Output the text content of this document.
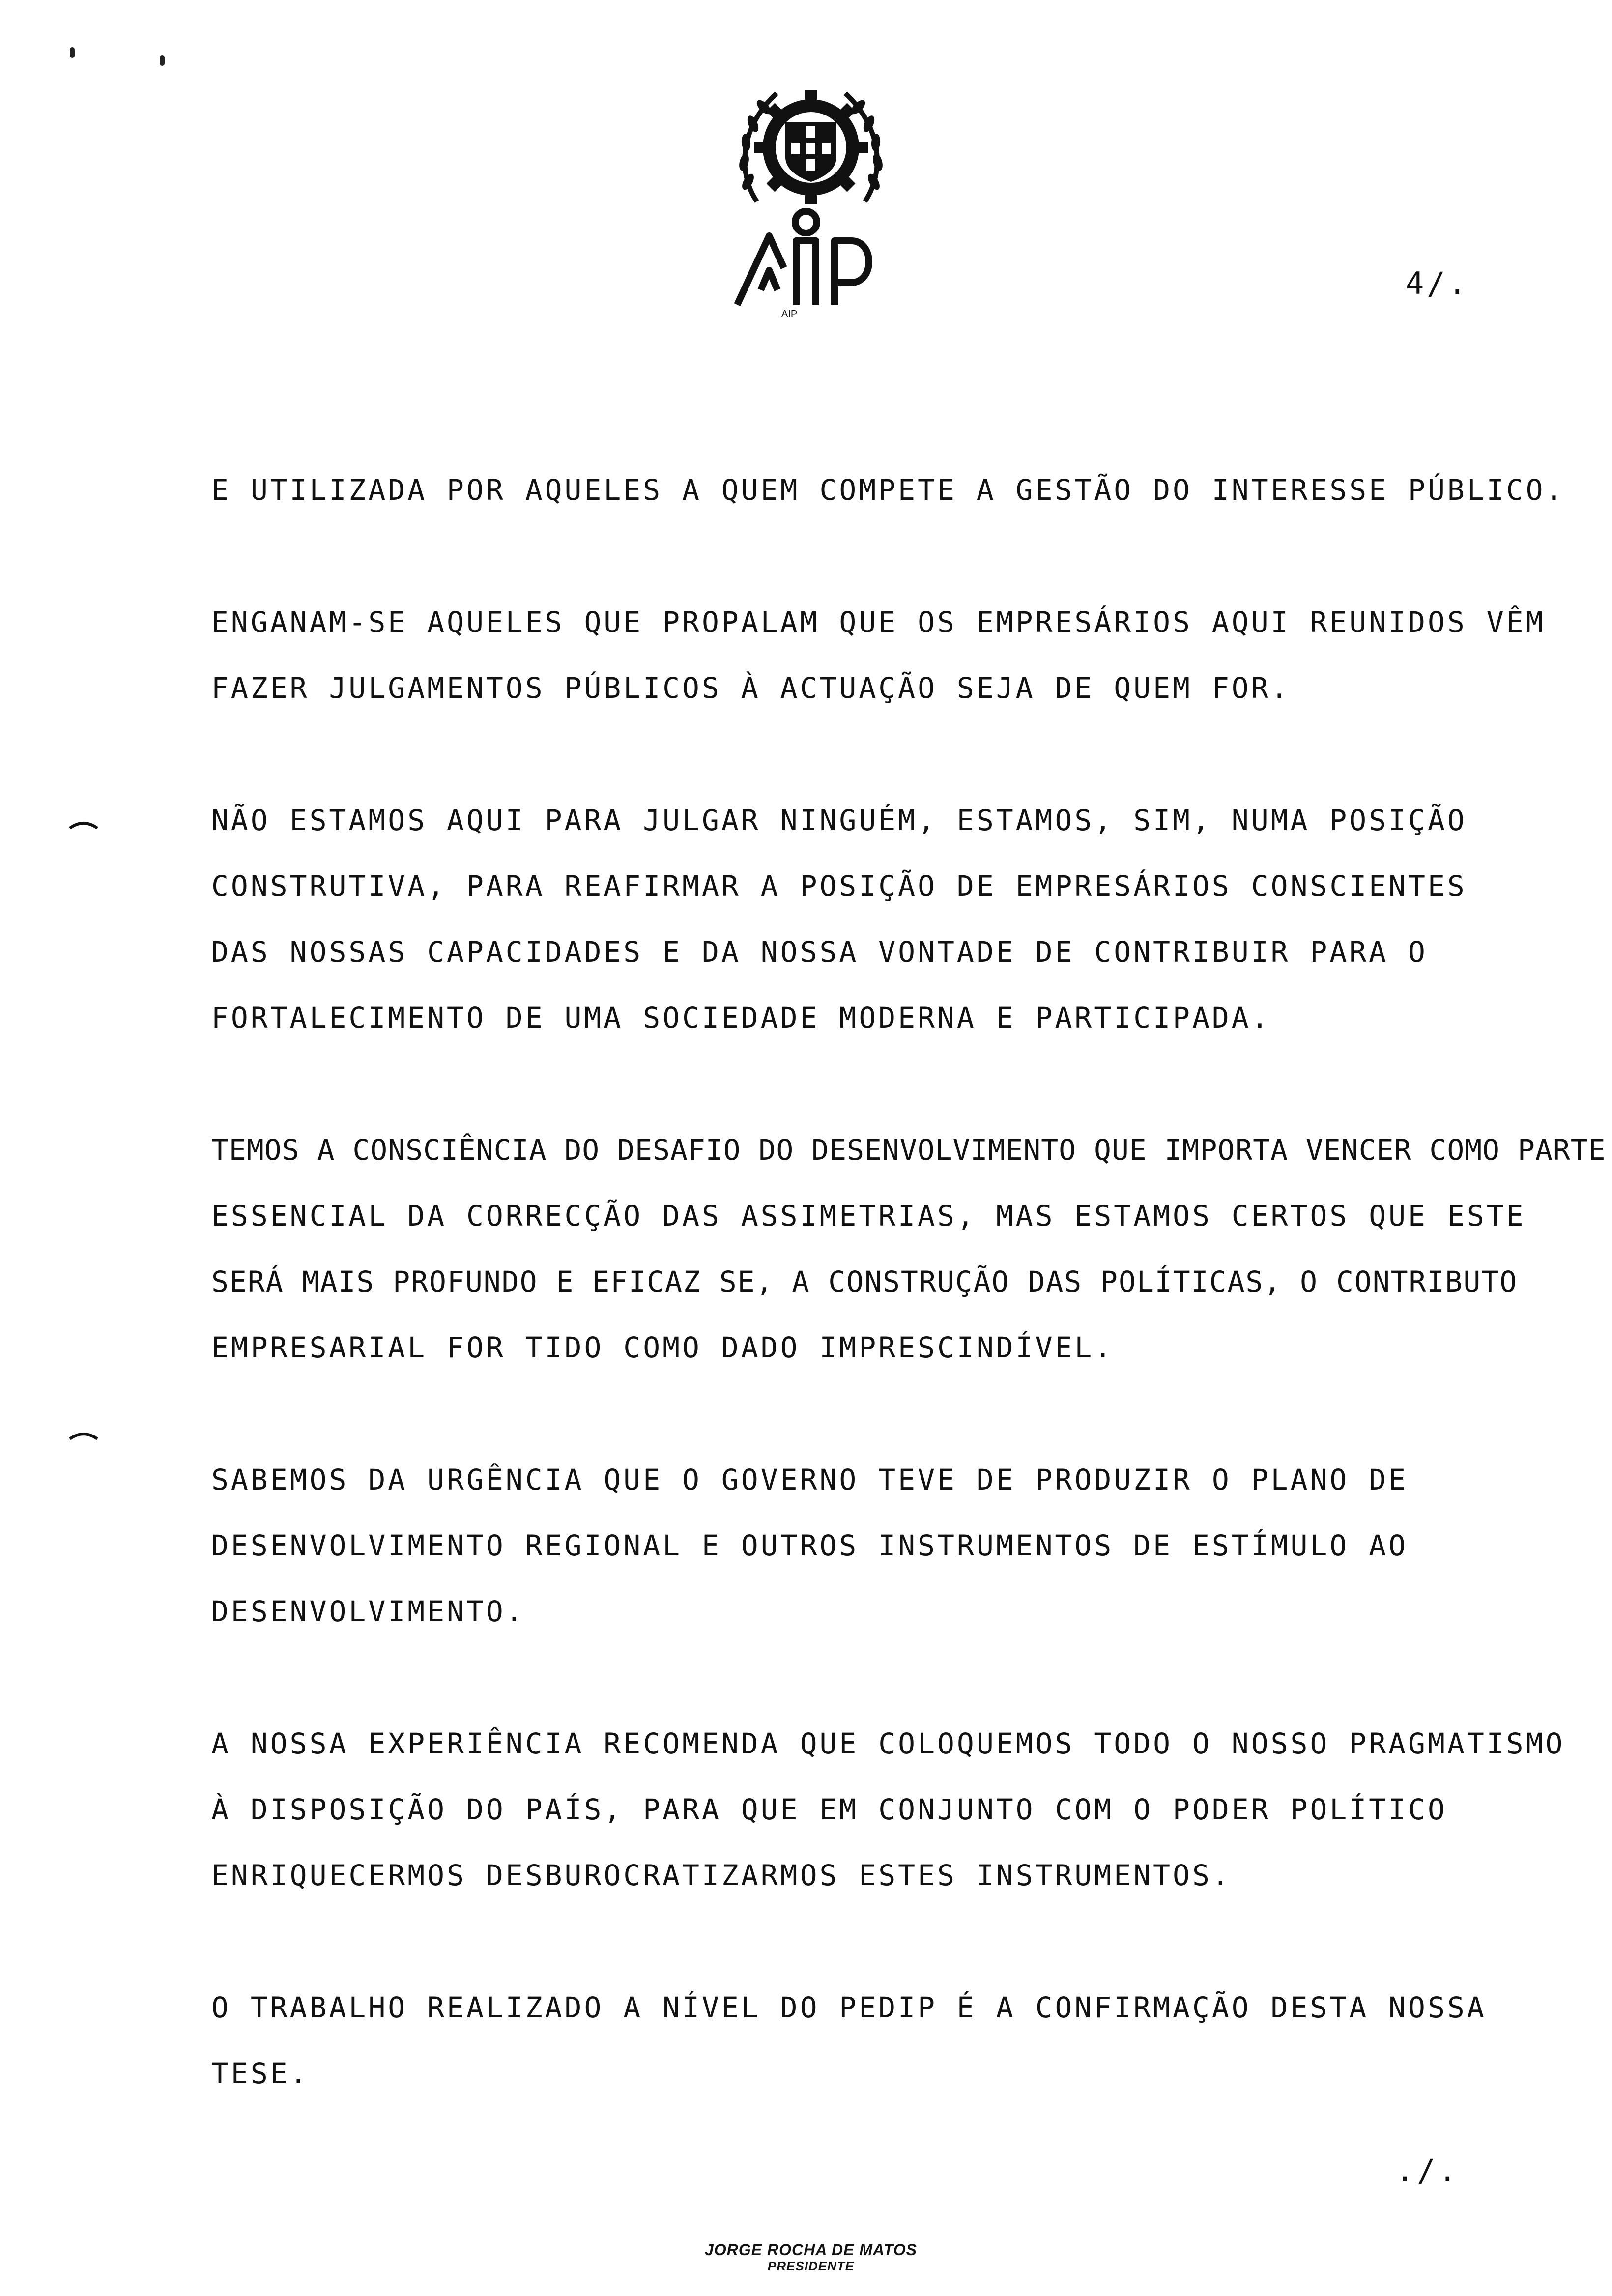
AIP
4/.
E UTILIZADA POR AQUELES A QUEM COMPETE A GESTÃO DO INTERESSE PÚBLICO.
ENGANAM-SE AQUELES QUE PROPALAM QUE OS EMPRESÁRIOS AQUI REUNIDOS VÊM
FAZER JULGAMENTOS PÚBLICOS À ACTUAÇÃO SEJA DE QUEM FOR.
NÃO ESTAMOS AQUI PARA JULGAR NINGUÉM, ESTAMOS, SIM, NUMA POSIÇÃO
CONSTRUTIVA, PARA REAFIRMAR A POSIÇÃO DE EMPRESÁRIOS CONSCIENTES
DAS NOSSAS CAPACIDADES E DA NOSSA VONTADE DE CONTRIBUIR PARA O
FORTALECIMENTO DE UMA SOCIEDADE MODERNA E PARTICIPADA.
TEMOS A CONSCIÊNCIA DO DESAFIO DO DESENVOLVIMENTO QUE IMPORTA VENCER COMO PARTE
ESSENCIAL DA CORRECÇÃO DAS ASSIMETRIAS, MAS ESTAMOS CERTOS QUE ESTE
SERÁ MAIS PROFUNDO E EFICAZ SE, A CONSTRUÇÃO DAS POLÍTICAS, O CONTRIBUTO
EMPRESARIAL FOR TIDO COMO DADO IMPRESCINDÍVEL.
SABEMOS DA URGÊNCIA QUE O GOVERNO TEVE DE PRODUZIR O PLANO DE
DESENVOLVIMENTO REGIONAL E OUTROS INSTRUMENTOS DE ESTÍMULO AO
DESENVOLVIMENTO.
A NOSSA EXPERIÊNCIA RECOMENDA QUE COLOQUEMOS TODO O NOSSO PRAGMATISMO
À DISPOSIÇÃO DO PAÍS, PARA QUE EM CONJUNTO COM O PODER POLÍTICO
ENRIQUECERMOS DESBUROCRATIZARMOS ESTES INSTRUMENTOS.
O TRABALHO REALIZADO A NÍVEL DO PEDIP É A CONFIRMAÇÃO DESTA NOSSA
TESE.
./.
JORGE ROCHA DE MATOS
PRESIDENTE
